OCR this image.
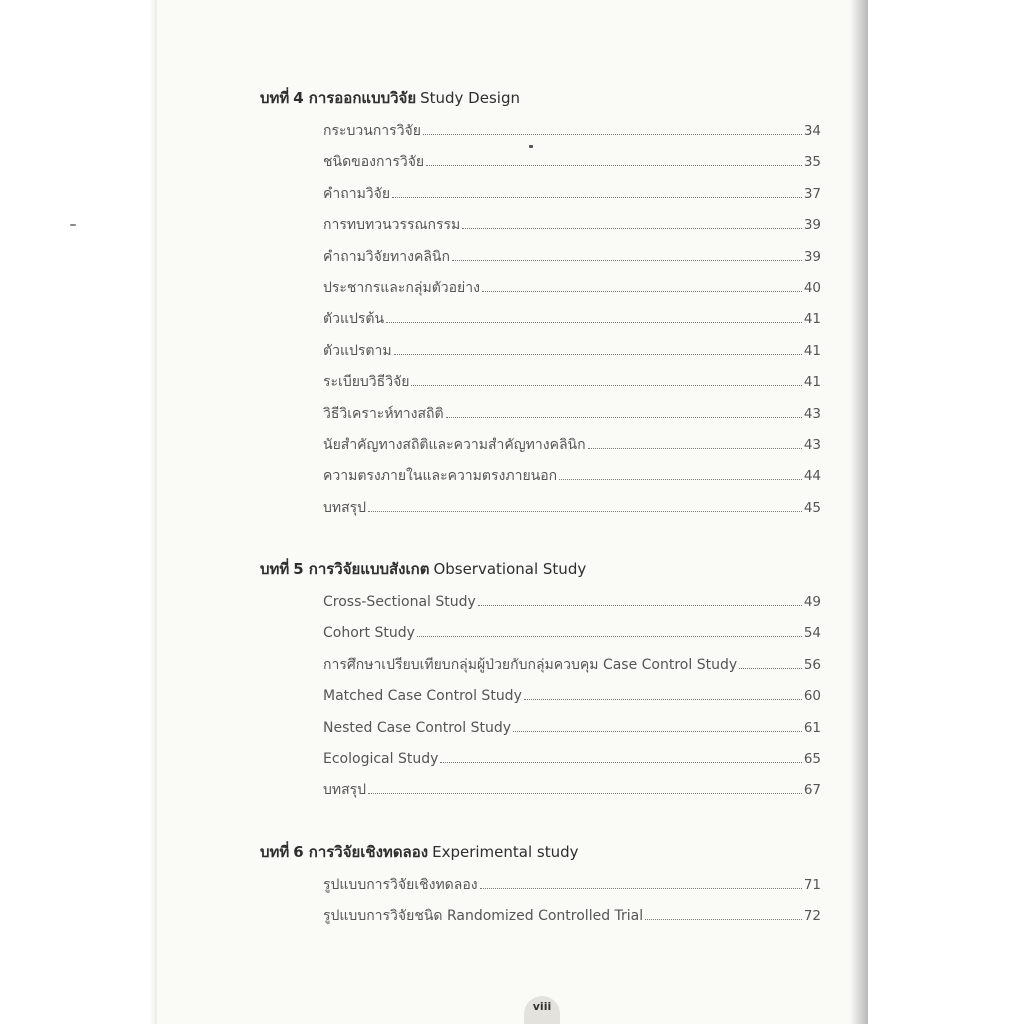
บทที่ 4 การออกแบบวิจัย Study Design
กระบวนการวิจัย	34
ชนิดของการวิจัย	35
คำถามวิจัย	37
การทบทวนวรรณกรรม	39
คำถามวิจัยทางคลินิก	39
ประชากรและกลุ่มตัวอย่าง	40
ตัวแปรต้น	41
ตัวแปรตาม	41
ระเบียบวิธีวิจัย	41
วิธีวิเคราะห์ทางสถิติ	43
นัยสำคัญทางสถิติและความสำคัญทางคลินิก	43
ความตรงภายในและความตรงภายนอก	44
บทสรุป	45
บทที่ 5 การวิจัยแบบสังเกต Observational Study
Cross-Sectional Study	49
Cohort Study	54
การศึกษาเปรียบเทียบกลุ่มผู้ป่วยกับกลุ่มควบคุม Case Control Study	56
Matched Case Control Study	60
Nested Case Control Study	61
Ecological Study	65
บทสรุป	67
บทที่ 6 การวิจัยเชิงทดลอง Experimental study
รูปแบบการวิจัยเชิงทดลอง	71
รูปแบบการวิจัยชนิด Randomized Controlled Trial	72
viii
